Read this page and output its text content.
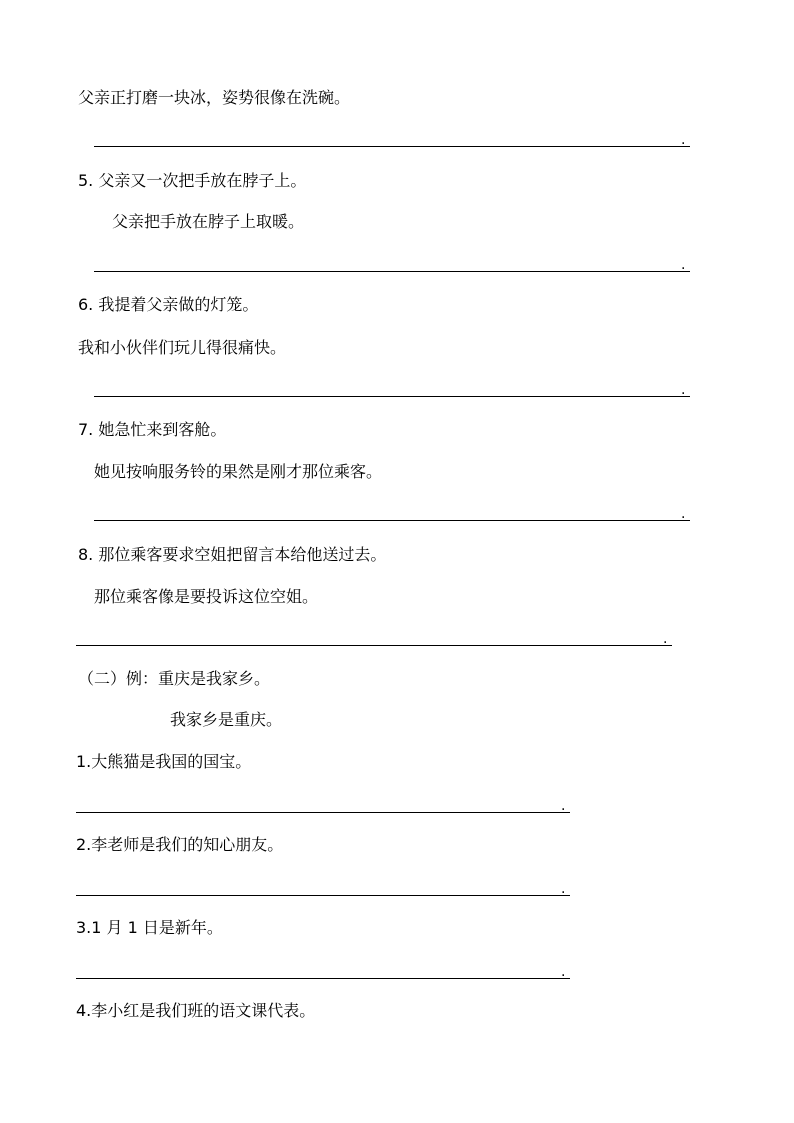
父亲正打磨一块冰，姿势很像在洗碗。
.
5. 父亲又一次把手放在脖子上。
父亲把手放在脖子上取暖。
.
6. 我提着父亲做的灯笼。
我和小伙伴们玩儿得很痛快。
.
7. 她急忙来到客舱。
她见按响服务铃的果然是刚才那位乘客。
.
8. 那位乘客要求空姐把留言本给他送过去。
那位乘客像是要投诉这位空姐。
.
（二）例：重庆是我家乡。
我家乡是重庆。
1.大熊猫是我国的国宝。
.
2.李老师是我们的知心朋友。
.
3.1 月 1 日是新年。
.
4.李小红是我们班的语文课代表。
